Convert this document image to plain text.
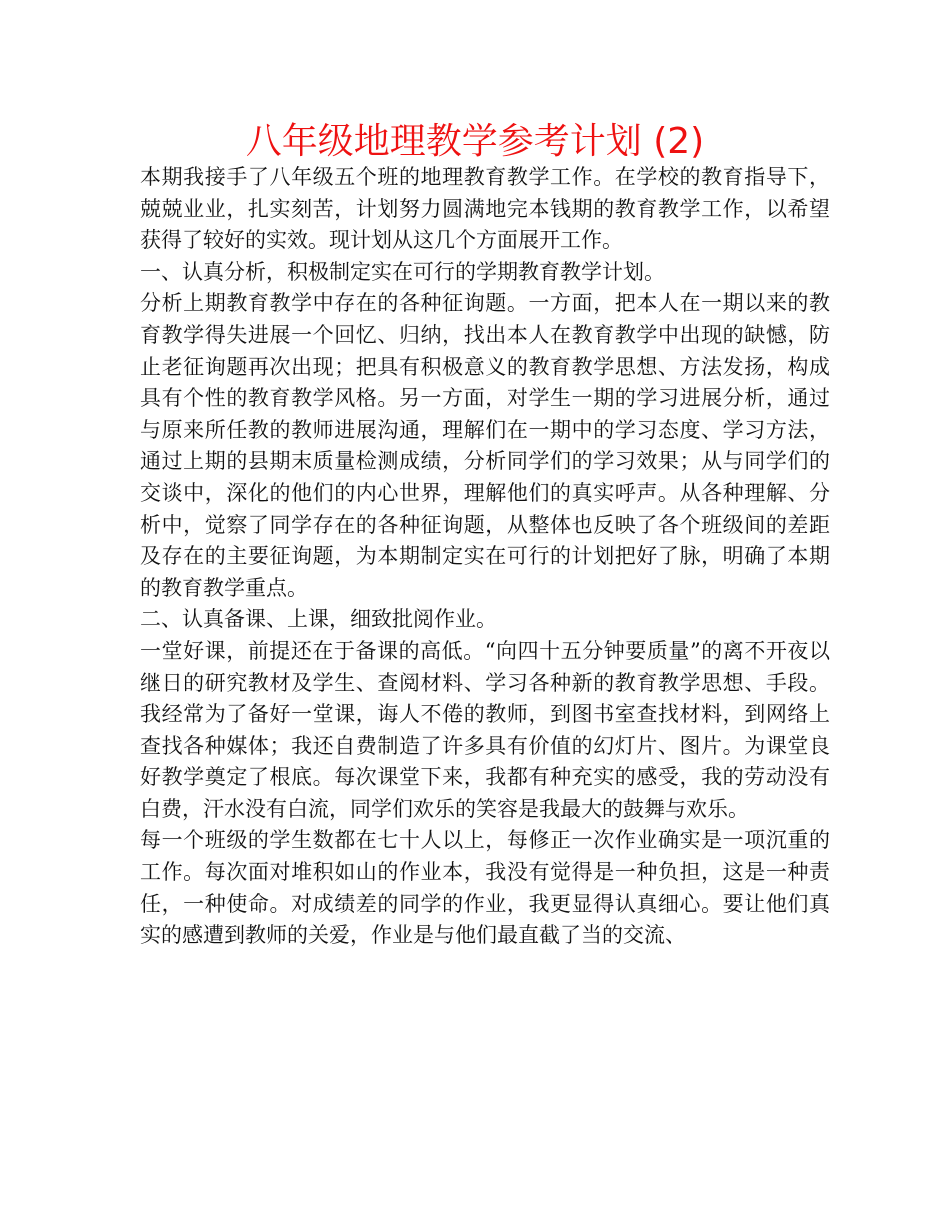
八年级地理教学参考计划 (2)

本期我接手了八年级五个班的地理教育教学工作。在学校的教育指导下，兢兢业业，扎实刻苦，计划努力圆满地完本钱期的教育教学工作，以希望获得了较好的实效。现计划从这几个方面展开工作。

一、认真分析，积极制定实在可行的学期教育教学计划。

分析上期教育教学中存在的各种征询题。一方面，把本人在一期以来的教育教学得失进展一个回忆、归纳，找出本人在教育教学中出现的缺憾，防止老征询题再次出现；把具有积极意义的教育教学思想、方法发扬，构成具有个性的教育教学风格。另一方面，对学生一期的学习进展分析，通过与原来所任教的教师进展沟通，理解们在一期中的学习态度、学习方法，通过上期的县期末质量检测成绩，分析同学们的学习效果；从与同学们的交谈中，深化的他们的内心世界，理解他们的真实呼声。从各种理解、分析中，觉察了同学存在的各种征询题，从整体也反映了各个班级间的差距及存在的主要征询题，为本期制定实在可行的计划把好了脉，明确了本期的教育教学重点。

二、认真备课、上课，细致批阅作业。

一堂好课，前提还在于备课的高低。“向四十五分钟要质量”的离不开夜以继日的研究教材及学生、查阅材料、学习各种新的教育教学思想、手段。我经常为了备好一堂课，诲人不倦的教师，到图书室查找材料，到网络上查找各种媒体；我还自费制造了许多具有价值的幻灯片、图片。为课堂良好教学奠定了根底。每次课堂下来，我都有种充实的感受，我的劳动没有白费，汗水没有白流，同学们欢乐的笑容是我最大的鼓舞与欢乐。

每一个班级的学生数都在七十人以上，每修正一次作业确实是一项沉重的工作。每次面对堆积如山的作业本，我没有觉得是一种负担，这是一种责任，一种使命。对成绩差的同学的作业，我更显得认真细心。要让他们真实的感遭到教师的关爱，作业是与他们最直截了当的交流、
